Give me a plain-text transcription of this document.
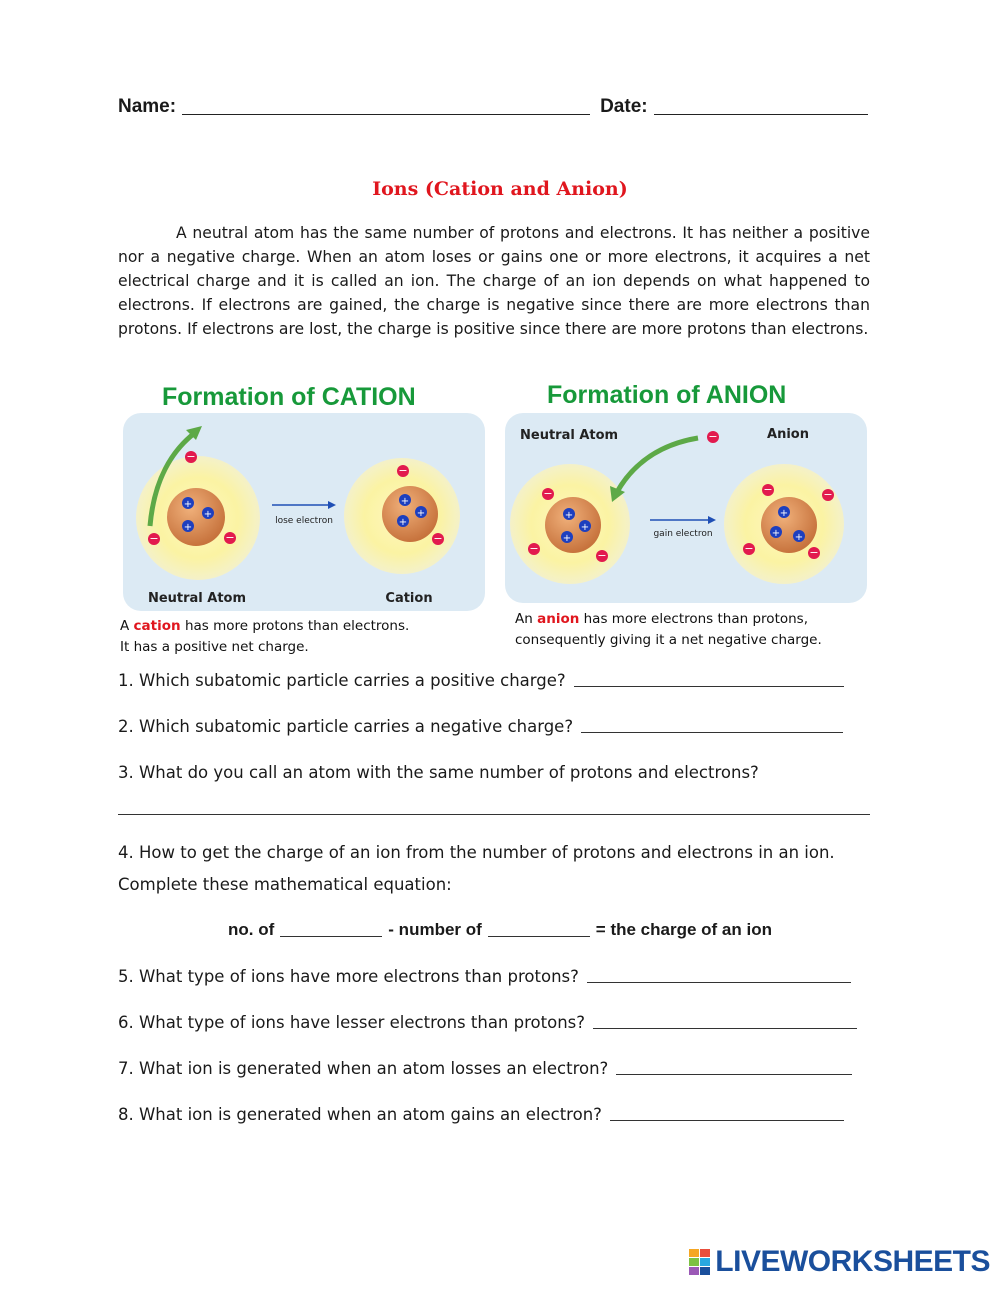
Name:	Date:
Ions (Cation and Anion)
A neutral atom has the same number of protons and electrons. It has neither a positive nor a negative charge. When an atom loses or gains one or more electrons, it acquires a net electrical charge and it is called an ion. The charge of an ion depends on what happened to electrons. If electrons are gained, the charge is negative since there are more electrons than protons. If electrons are lost, the charge is positive since there are more protons than electrons.
Formation of CATION
+
+
+
−
−	−
lose electron
+
+
+
−
−
Neutral Atom	Cation
A cation has more protons than electrons.
It has a positive net charge.
Formation of ANION
Neutral Atom	Anion
+
+
+
−
−
−
−
gain electron
+
+ +
−	−
−	−
An anion has more electrons than protons,
consequently giving it a net negative charge.
1. Which subatomic particle carries a positive charge?
2. Which subatomic particle carries a negative charge?
3. What do you call an atom with the same number of protons and electrons?
4. How to get the charge of an ion from the number of protons and electrons in an ion.
Complete these mathematical equation:
no. of	- number of	= the charge of an ion
5. What type of ions have more electrons than protons?
6. What type of ions have lesser electrons than protons?
7. What ion is generated when an atom losses an electron?
8. What ion is generated when an atom gains an electron?
LIVEWORKSHEETS
